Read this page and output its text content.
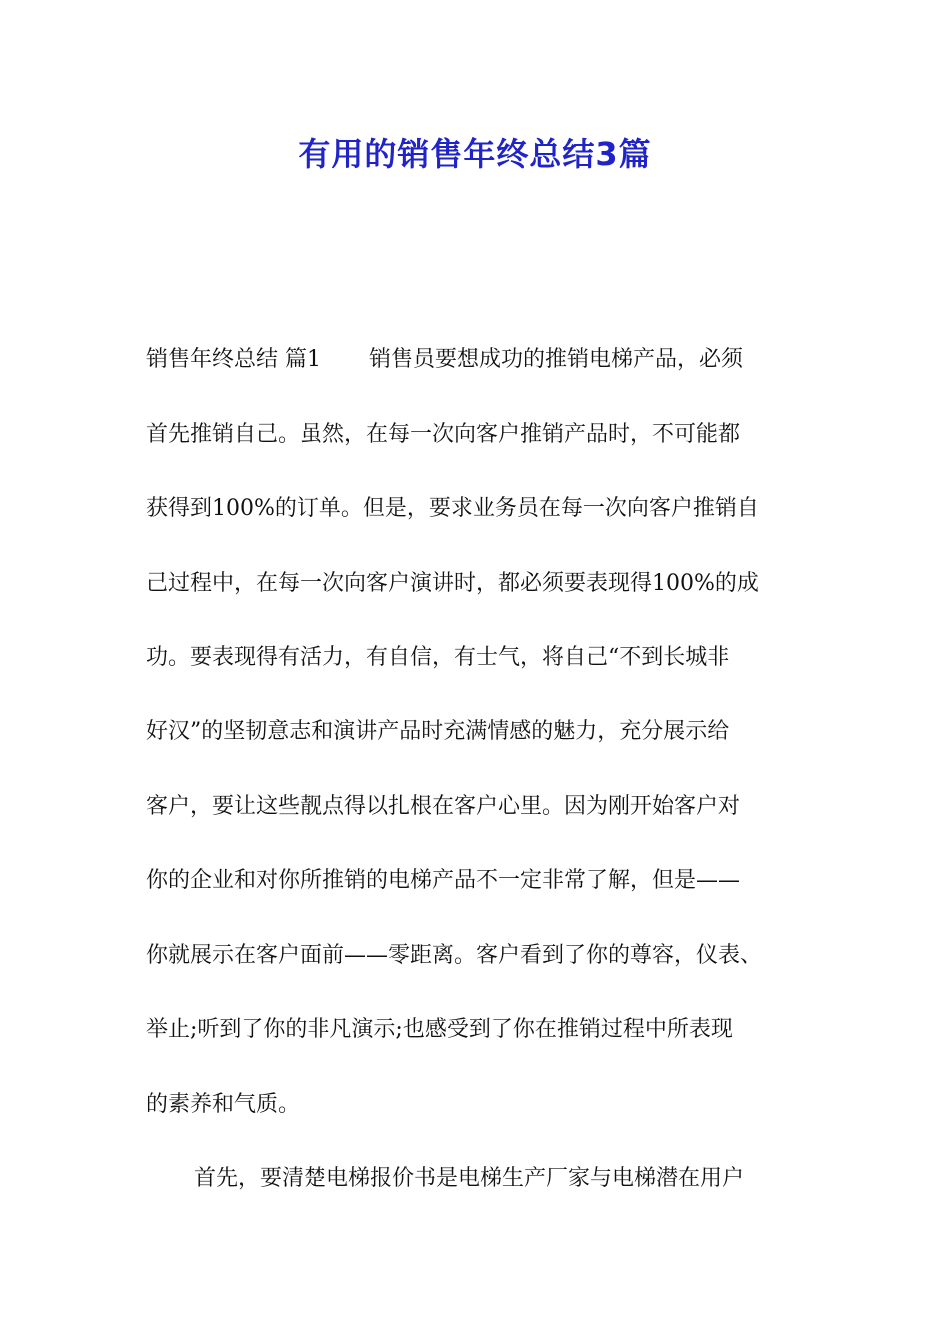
有用的销售年终总结3篇

销售年终总结 篇1 销售员要想成功的推销电梯产品，必须

首先推销自己。虽然，在每一次向客户推销产品时，不可能都

获得到100%的订单。但是，要求业务员在每一次向客户推销自

己过程中，在每一次向客户演讲时，都必须要表现得100%的成

功。要表现得有活力，有自信，有士气，将自己“不到长城非

好汉”的坚韧意志和演讲产品时充满情感的魅力，充分展示给

客户，要让这些靓点得以扎根在客户心里。因为刚开始客户对

你的企业和对你所推销的电梯产品不一定非常了解，但是——

你就展示在客户面前——零距离。客户看到了你的尊容，仪表、

举止;听到了你的非凡演示;也感受到了你在推销过程中所表现

的素养和气质。

首先，要清楚电梯报价书是电梯生产厂家与电梯潜在用户
